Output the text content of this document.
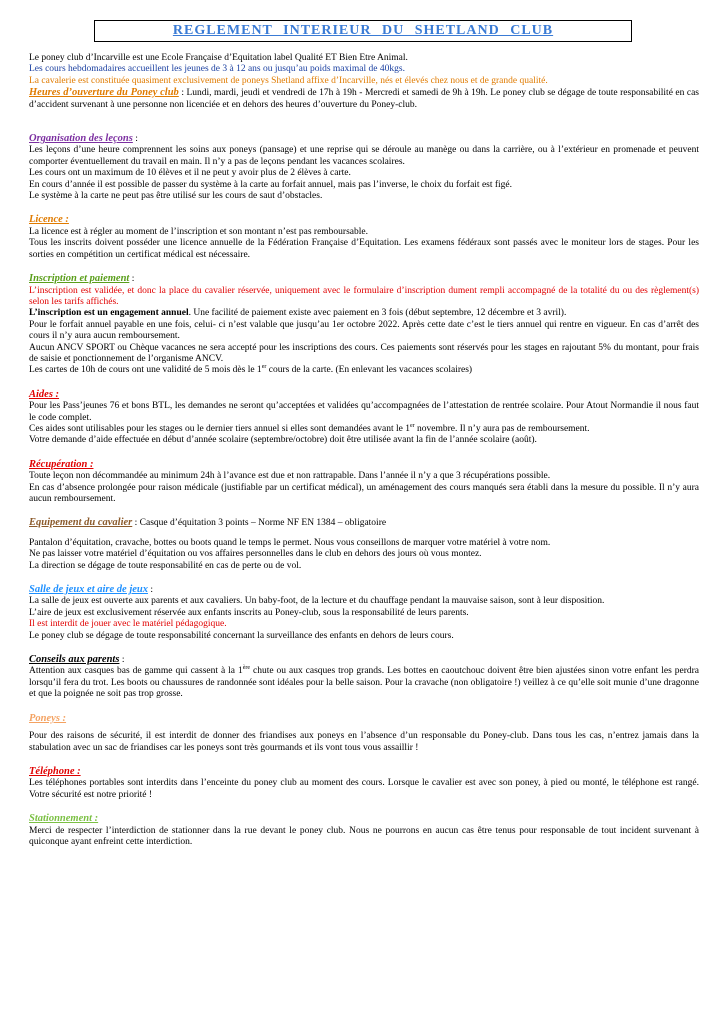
REGLEMENT INTERIEUR DU SHETLAND CLUB

Le poney club d’Incarville est une Ecole Française d’Equitation label Qualité ET Bien Etre Animal.

Les cours hebdomadaires accueillent les jeunes de 3 à 12 ans ou jusqu’au poids maximal de 40kgs.

La cavalerie est constituée quasiment exclusivement de poneys Shetland affixe d’Incarville, nés et élevés chez nous et de grande qualité.

Heures d’ouverture du Poney club : Lundi, mardi, jeudi et vendredi de 17h à 19h - Mercredi et samedi de 9h à 19h. Le poney club se dégage de toute responsabilité en cas d’accident survenant à une personne non licenciée et en dehors des heures d’ouverture du Poney-club.

Organisation des leçons :

Les leçons d’une heure comprennent les soins aux poneys (pansage) et une reprise qui se déroule au manège ou dans la carrière, ou à l’extérieur en promenade et peuvent comporter éventuellement du travail en main. Il n’y a pas de leçons pendant les vacances scolaires.

Les cours ont un maximum de 10 élèves et il ne peut y avoir plus de 2 élèves à carte.

En cours d’année il est possible de passer du système à la carte au forfait annuel, mais pas l’inverse, le choix du forfait est figé.

Le système à la carte ne peut pas être utilisé sur les cours de saut d’obstacles.

Licence :

La licence est à régler au moment de l’inscription et son montant n’est pas remboursable.

Tous les inscrits doivent posséder une licence annuelle de la Fédération Française d’Equitation. Les examens fédéraux sont passés avec le moniteur lors de stages. Pour les sorties en compétition un certificat médical est nécessaire.

Inscription et paiement :

L’inscription est validée, et donc la place du cavalier réservée, uniquement avec le formulaire d’inscription dument rempli accompagné de la totalité du ou des règlement(s) selon les tarifs affichés.

L’inscription est un engagement annuel. Une facilité de paiement existe avec paiement en 3 fois (début septembre, 12 décembre et 3 avril).

Pour le forfait annuel payable en une fois, celui- ci n’est valable que jusqu’au 1er octobre 2022. Après cette date c’est le tiers annuel qui rentre en vigueur. En cas d’arrêt des cours il n’y aura aucun remboursement.

Aucun ANCV SPORT ou Chèque vacances ne sera accepté pour les inscriptions des cours. Ces paiements sont réservés pour les stages en rajoutant 5% du montant, pour frais de saisie et ponctionnement de l’organisme ANCV.

Les cartes de 10h de cours ont une validité de 5 mois dès le 1er cours de la carte. (En enlevant les vacances scolaires)

Aides :

Pour les Pass’jeunes 76 et bons BTL, les demandes ne seront qu’acceptées et validées qu’accompagnées de l’attestation de rentrée scolaire. Pour Atout Normandie il nous faut le code complet.

Ces aides sont utilisables pour les stages ou le dernier tiers annuel si elles sont demandées avant le 1er novembre. Il n’y aura pas de remboursement.

Votre demande d’aide effectuée en début d’année scolaire (septembre/octobre) doit être utilisée avant la fin de l’année scolaire (août).

Récupération :

Toute leçon non décommandée au minimum 24h à l’avance est due et non rattrapable. Dans l’année il n’y a que 3 récupérations possible.

En cas d’absence prolongée pour raison médicale (justifiable par un certificat médical), un aménagement des cours manqués sera établi dans la mesure du possible. Il n’y aura aucun remboursement.

Equipement du cavalier : Casque d’équitation 3 points – Norme NF EN 1384 – obligatoire

Pantalon d’équitation, cravache, bottes ou boots quand le temps le permet. Nous vous conseillons de marquer votre matériel à votre nom.

Ne pas laisser votre matériel d’équitation ou vos affaires personnelles dans le club en dehors des jours où vous montez.

La direction se dégage de toute responsabilité en cas de perte ou de vol.

Salle de jeux et aire de jeux :

La salle de jeux est ouverte aux parents et aux cavaliers. Un baby-foot, de la lecture et du chauffage pendant la mauvaise saison, sont à leur disposition.

L’aire de jeux est exclusivement réservée aux enfants inscrits au Poney-club, sous la responsabilité de leurs parents.

Il est interdit de jouer avec le matériel pédagogique.

Le poney club se dégage de toute responsabilité concernant la surveillance des enfants en dehors de leurs cours.

Conseils aux parents :

Attention aux casques bas de gamme qui cassent à la 1ère chute ou aux casques trop grands. Les bottes en caoutchouc doivent être bien ajustées sinon votre enfant les perdra lorsqu’il fera du trot. Les boots ou chaussures de randonnée sont idéales pour la belle saison. Pour la cravache (non obligatoire !) veillez à ce qu’elle soit munie d’une dragonne et que la poignée ne soit pas trop grosse.

Poneys :

Pour des raisons de sécurité, il est interdit de donner des friandises aux poneys en l’absence d’un responsable du Poney-club. Dans tous les cas, n’entrez jamais dans la stabulation avec un sac de friandises car les poneys sont très gourmands et ils vont tous vous assaillir !

Téléphone :

Les téléphones portables sont interdits dans l’enceinte du poney club au moment des cours. Lorsque le cavalier est avec son poney, à pied ou monté, le téléphone est rangé. Votre sécurité est notre priorité !

Stationnement :

Merci de respecter l’interdiction de stationner dans la rue devant le poney club. Nous ne pourrons en aucun cas être tenus pour responsable de tout incident survenant à quiconque ayant enfreint cette interdiction.
